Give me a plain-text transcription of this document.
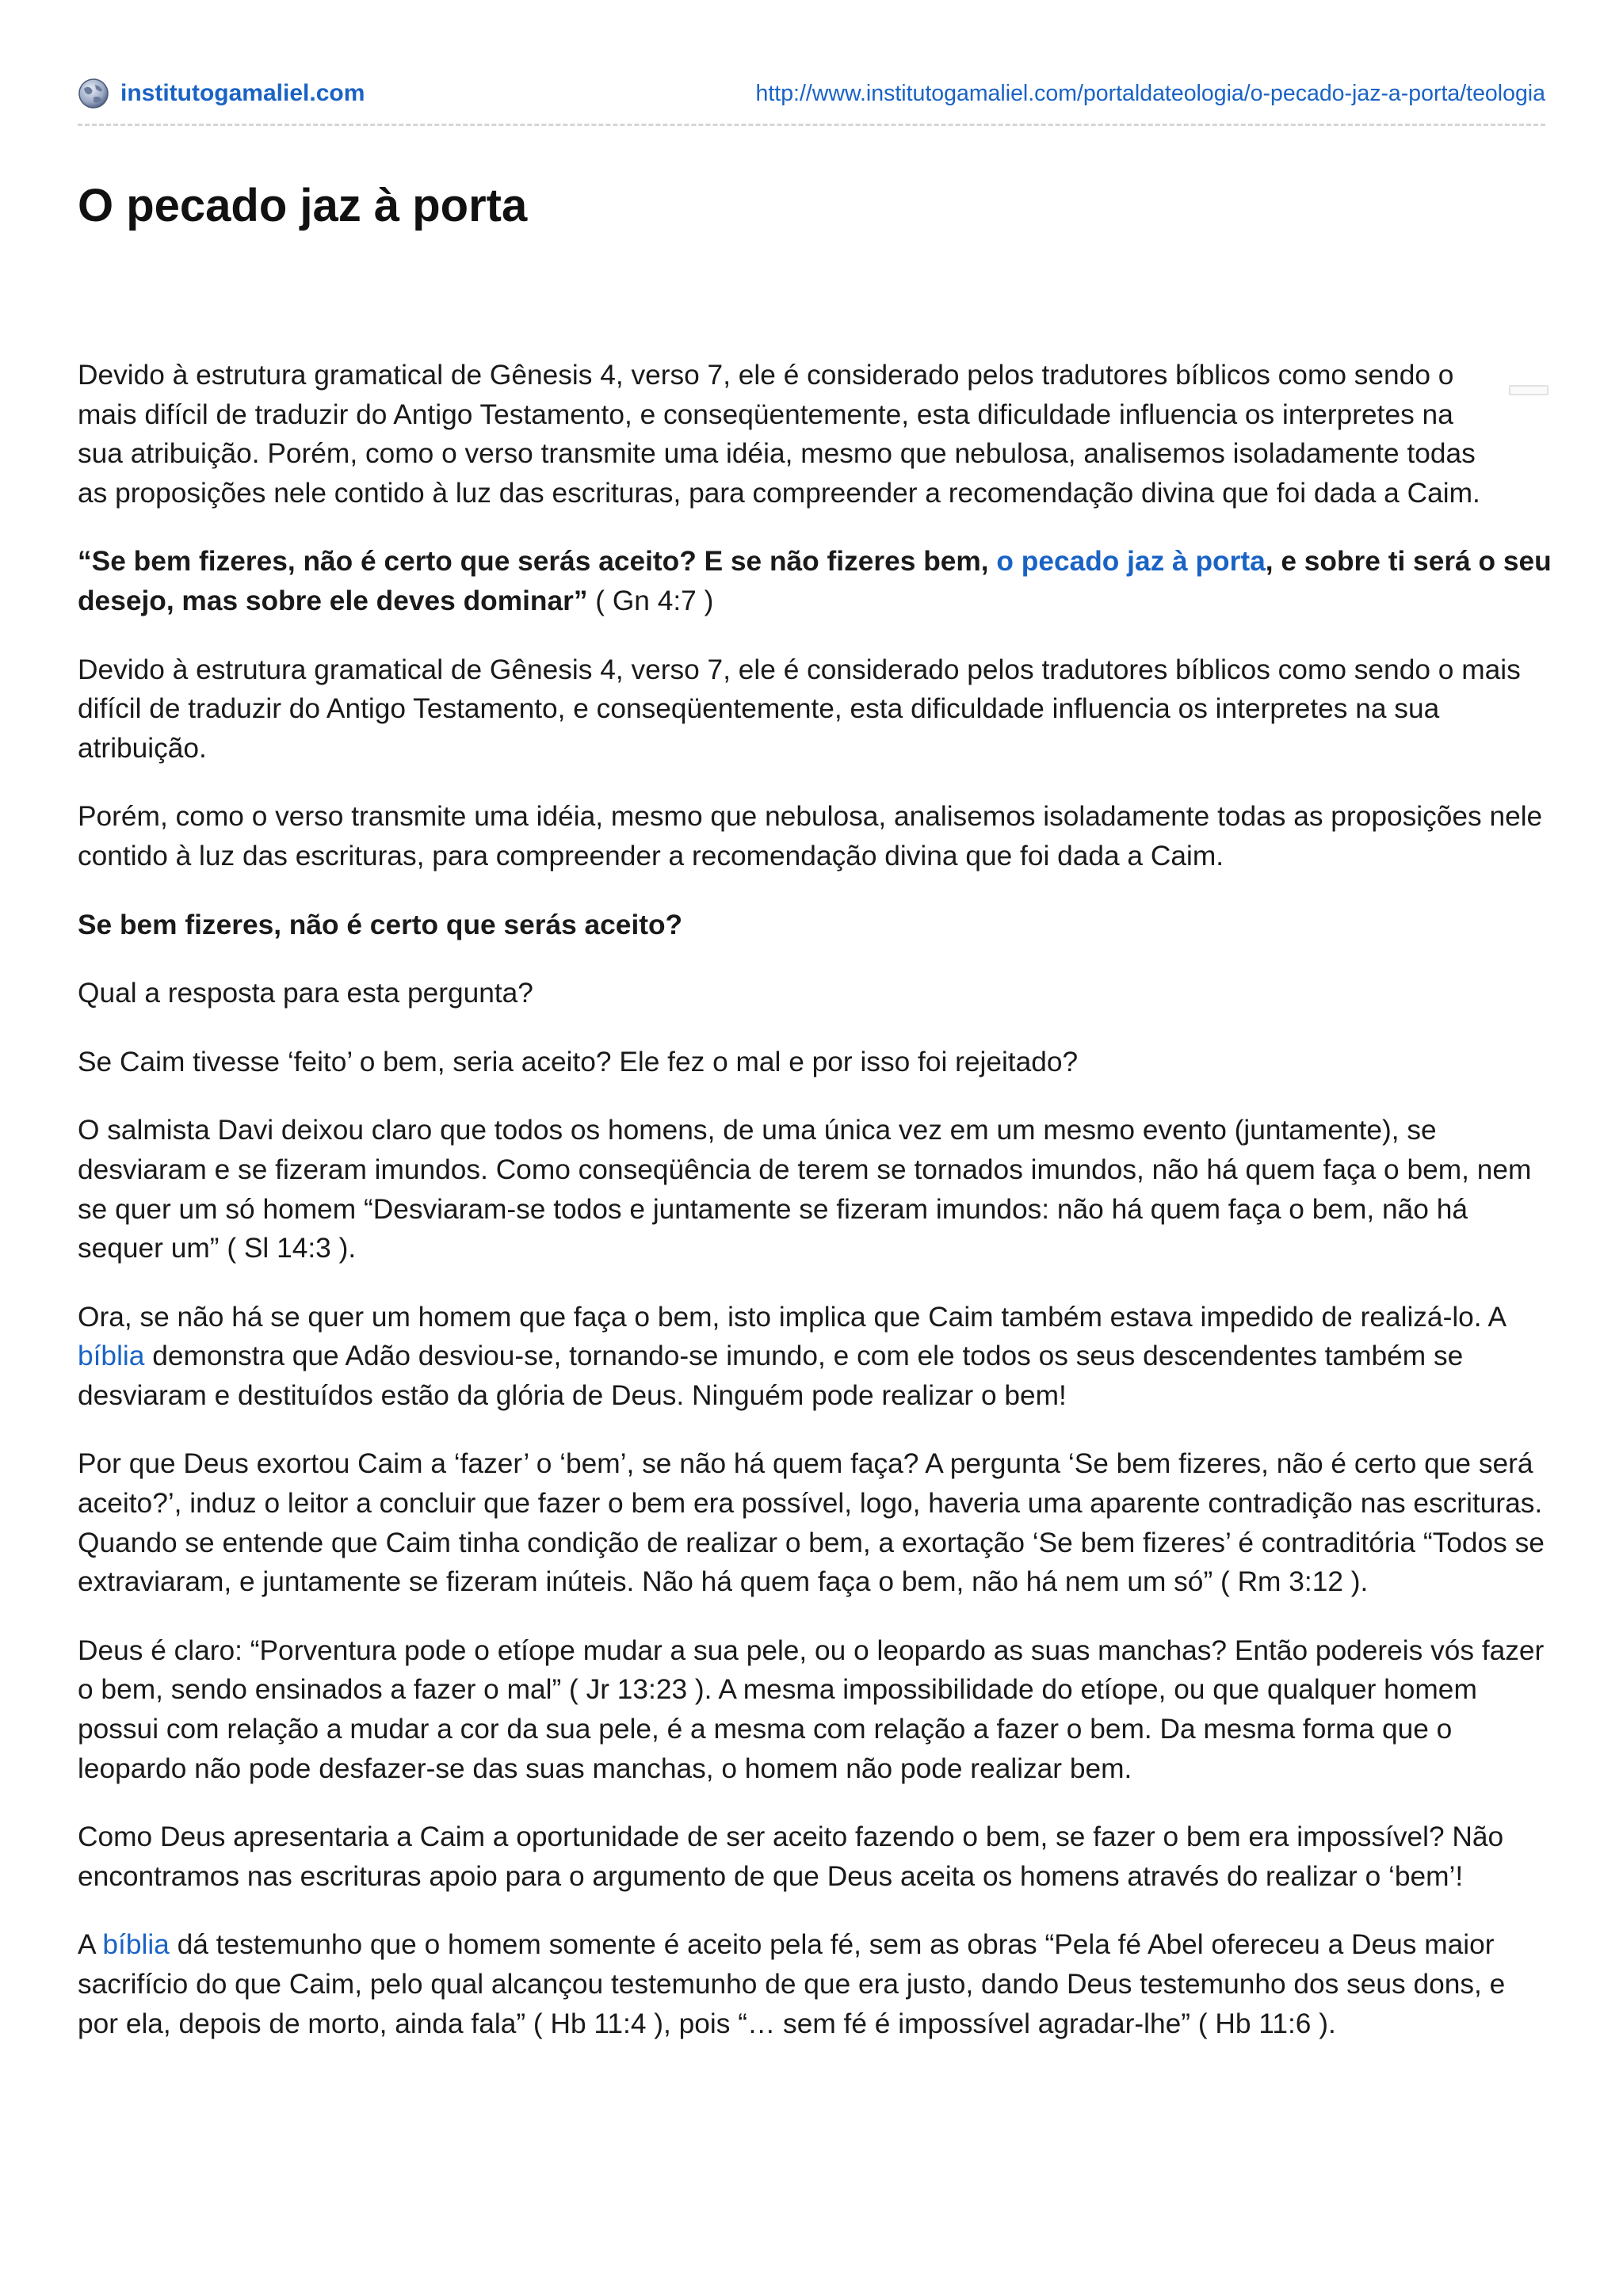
institutogamaliel.com	http://www.institutogamaliel.com/portaldateologia/o-pecado-jaz-a-porta/teologia
O pecado jaz à porta

Devido à estrutura gramatical de Gênesis 4, verso 7, ele é considerado pelos tradutores bíblicos como sendo o mais difícil de traduzir do Antigo Testamento, e conseqüentemente, esta dificuldade influencia os interpretes na sua atribuição. Porém, como o verso transmite uma idéia, mesmo que nebulosa, analisemos isoladamente todas as proposições nele contido à luz das escrituras, para compreender a recomendação divina que foi dada a Caim.

“Se bem fizeres, não é certo que serás aceito? E se não fizeres bem, o pecado jaz à porta, e sobre ti será o seu desejo, mas sobre ele deves dominar” ( Gn 4:7 )

Devido à estrutura gramatical de Gênesis 4, verso 7, ele é considerado pelos tradutores bíblicos como sendo o mais difícil de traduzir do Antigo Testamento, e conseqüentemente, esta dificuldade influencia os interpretes na sua atribuição.

Porém, como o verso transmite uma idéia, mesmo que nebulosa, analisemos isoladamente todas as proposições nele contido à luz das escrituras, para compreender a recomendação divina que foi dada a Caim.

Se bem fizeres, não é certo que serás aceito?

Qual a resposta para esta pergunta?

Se Caim tivesse ‘feito’ o bem, seria aceito? Ele fez o mal e por isso foi rejeitado?

O salmista Davi deixou claro que todos os homens, de uma única vez em um mesmo evento (juntamente), se desviaram e se fizeram imundos. Como conseqüência de terem se tornados imundos, não há quem faça o bem, nem se quer um só homem “Desviaram-se todos e juntamente se fizeram imundos: não há quem faça o bem, não há sequer um” ( Sl 14:3 ).

Ora, se não há se quer um homem que faça o bem, isto implica que Caim também estava impedido de realizá-lo. A bíblia demonstra que Adão desviou-se, tornando-se imundo, e com ele todos os seus descendentes também se desviaram e destituídos estão da glória de Deus. Ninguém pode realizar o bem!

Por que Deus exortou Caim a ‘fazer’ o ‘bem’, se não há quem faça? A pergunta ‘Se bem fizeres, não é certo que será aceito?’, induz o leitor a concluir que fazer o bem era possível, logo, haveria uma aparente contradição nas escrituras. Quando se entende que Caim tinha condição de realizar o bem, a exortação ‘Se bem fizeres’ é contraditória “Todos se extraviaram, e juntamente se fizeram inúteis. Não há quem faça o bem, não há nem um só” ( Rm 3:12 ).

Deus é claro: “Porventura pode o etíope mudar a sua pele, ou o leopardo as suas manchas? Então podereis vós fazer o bem, sendo ensinados a fazer o mal” ( Jr 13:23 ). A mesma impossibilidade do etíope, ou que qualquer homem possui com relação a mudar a cor da sua pele, é a mesma com relação a fazer o bem. Da mesma forma que o leopardo não pode desfazer-se das suas manchas, o homem não pode realizar bem.

Como Deus apresentaria a Caim a oportunidade de ser aceito fazendo o bem, se fazer o bem era impossível? Não encontramos nas escrituras apoio para o argumento de que Deus aceita os homens através do realizar o ‘bem’!

A bíblia dá testemunho que o homem somente é aceito pela fé, sem as obras “Pela fé Abel ofereceu a Deus maior sacrifício do que Caim, pelo qual alcançou testemunho de que era justo, dando Deus testemunho dos seus dons, e por ela, depois de morto, ainda fala” ( Hb 11:4 ), pois “… sem fé é impossível agradar-lhe” ( Hb 11:6 ).
